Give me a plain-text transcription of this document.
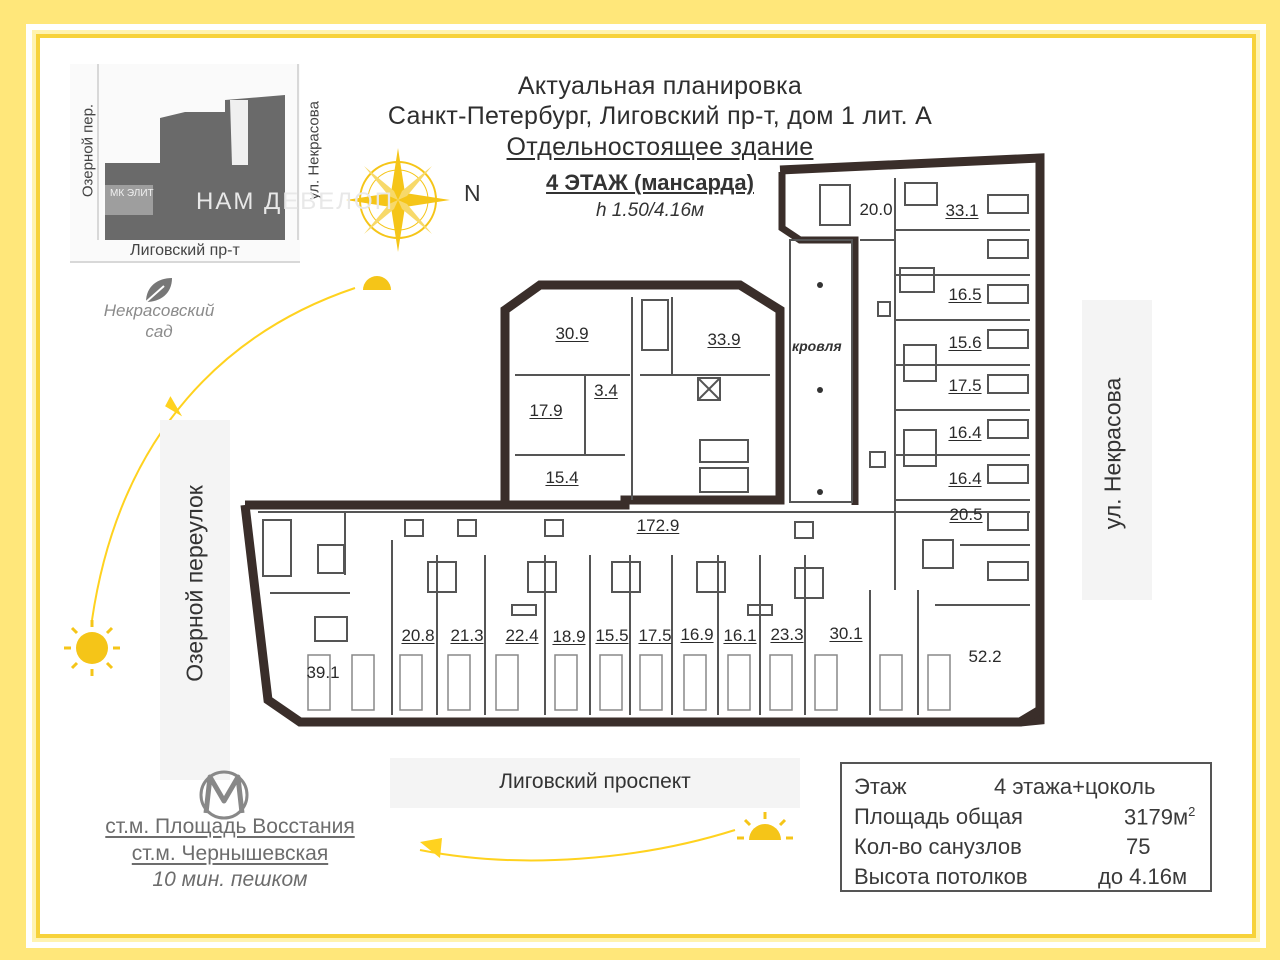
Актуальная планировка
Санкт-Петербург, Лиговский пр-т, дом 1 лит. А
Отдельностоящее здание
4 ЭТАЖ (мансарда)
h 1.50/4.16м
N
Озерной пер.	ул. Некрасова
Лиговский пр-т
НАМ ДЕВЕЛОП
МК ЭЛИТ
Некрасовский
сад
Озерной переулок
ул. Некрасова
Лиговский проспект
30.9	33.9
3.4
17.9
15.4
172.9
кровля
20.0	33.1
16.5
15.6
17.5
16.4
16.4
20.5
52.2
39.1
20.8 21.3 22.4 18.9 15.5 17.5 16.9 16.1 23.3 30.1
Этаж	4 этажа+цоколь
Площадь общая	$3179м^2$
Кол-во санузлов	75
Высота потолков	до 4.16м
ст.м. Площадь Восстания
ст.м. Чернышевская
10 мин. пешком
